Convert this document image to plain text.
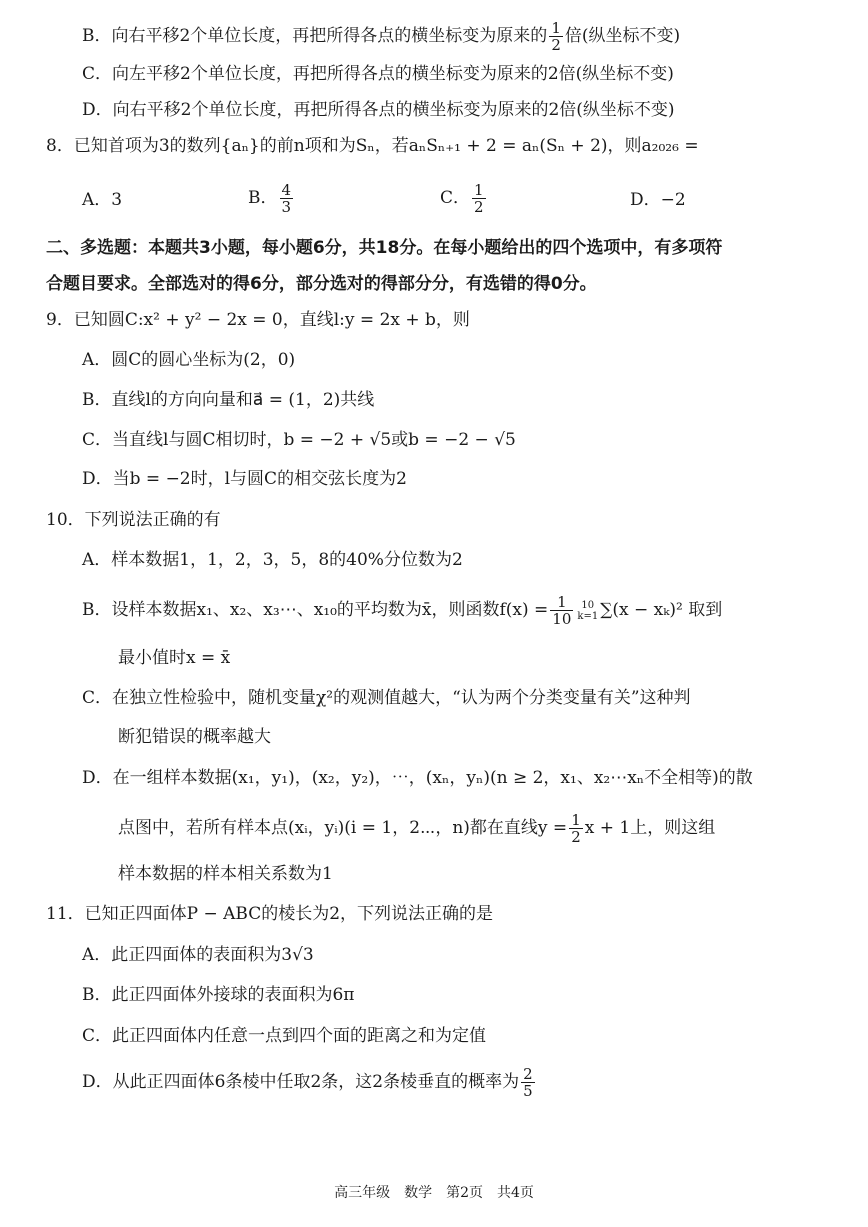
B．向右平移2个单位长度，再把所得各点的横坐标变为原来的 $\frac{1}{2}$ 倍(纵坐标不变)
C．向左平移2个单位长度，再把所得各点的横坐标变为原来的2倍(纵坐标不变)
D．向右平移2个单位长度，再把所得各点的横坐标变为原来的2倍(纵坐标不变)
8．已知首项为3的数列{aₙ}的前n项和为Sₙ，若aₙSₙ₊₁ + 2 = aₙ(Sₙ + 2)，则a₂₀₂₆ =
A．3	B． $\frac{4}{3}$	C． $\frac{1}{2}$	D．−2
二、多选题：本题共3小题，每小题6分，共18分。在每小题给出的四个选项中，有多项符
合题目要求。全部选对的得6分，部分选对的得部分分，有选错的得0分。
9．已知圆C:x² + y² − 2x = 0，直线l:y = 2x + b，则
A．圆C的圆心坐标为(2，0)
B．直线l的方向向量和a⃗ = (1，2)共线
C．当直线l与圆C相切时，b = −2 + √5或b = −2 − √5
D．当b = −2时，l与圆C的相交弦长度为2
10．下列说法正确的有
A．样本数据1，1，2，3，5，8的40%分位数为2
B．设样本数据x₁、x₂、x₃⋯、x₁₀的平均数为x̄，则函数$f(x) = \frac{1}{10} 10$
k=1 ∑(x − xₖ)² 取到
最小值时x = x̄
C．在独立性检验中，随机变量χ²的观测值越大，“认为两个分类变量有关”这种判
断犯错误的概率越大
D．在一组样本数据(x₁，y₁)，(x₂，y₂)，⋯，(xₙ，yₙ)(n ≥ 2，x₁、x₂⋯xₙ不全相等)的散
点图中，若所有样本点(xᵢ，yᵢ)(i = 1，2⋯，n)都在直线$y = \frac{1}{2}$ x + 1上，则这组
样本数据的样本相关系数为1
11．已知正四面体P − ABC的棱长为2，下列说法正确的是
A．此正四面体的表面积为3√3
B．此正四面体外接球的表面积为6π
C．此正四面体内任意一点到四个面的距离之和为定值
D．从此正四面体6条棱中任取2条，这2条棱垂直的概率为 $\frac{2}{5}$
高三年级　数学　第2页　共4页
